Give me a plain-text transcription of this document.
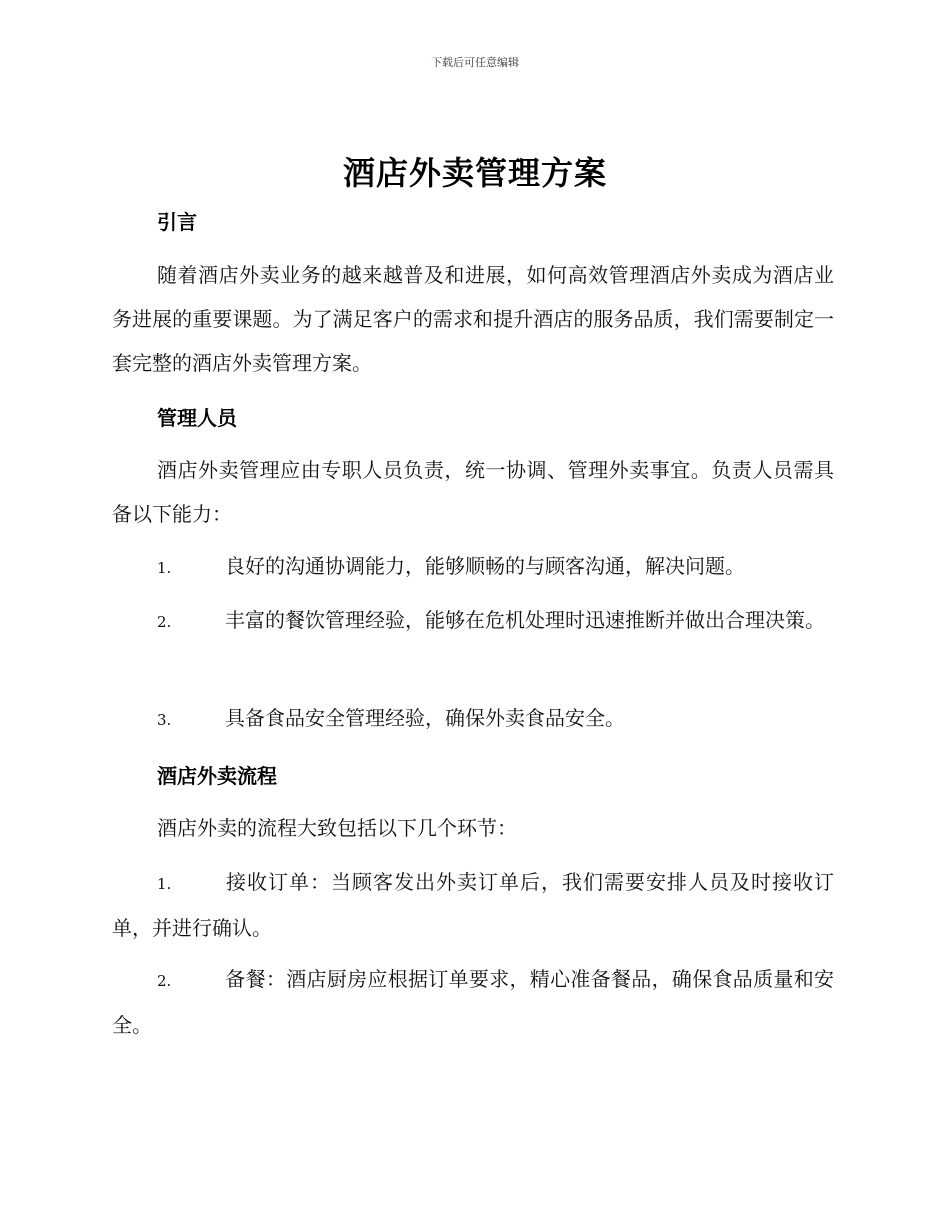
下载后可任意编辑
酒店外卖管理方案
引言

随着酒店外卖业务的越来越普及和进展，如何高效管理酒店外卖成为酒店业务进展的重要课题。为了满足客户的需求和提升酒店的服务品质，我们需要制定一套完整的酒店外卖管理方案。

管理人员

酒店外卖管理应由专职人员负责，统一协调、管理外卖事宜。负责人员需具备以下能力：

1.	良好的沟通协调能力，能够顺畅的与顾客沟通，解决问题。

2.	丰富的餐饮管理经验，能够在危机处理时迅速推断并做出合理决策。

3.	具备食品安全管理经验，确保外卖食品安全。

酒店外卖流程

酒店外卖的流程大致包括以下几个环节：

1.	接收订单：当顾客发出外卖订单后，我们需要安排人员及时接收订单，并进行确认。

2.	备餐：酒店厨房应根据订单要求，精心准备餐品，确保食品质量和安全。
